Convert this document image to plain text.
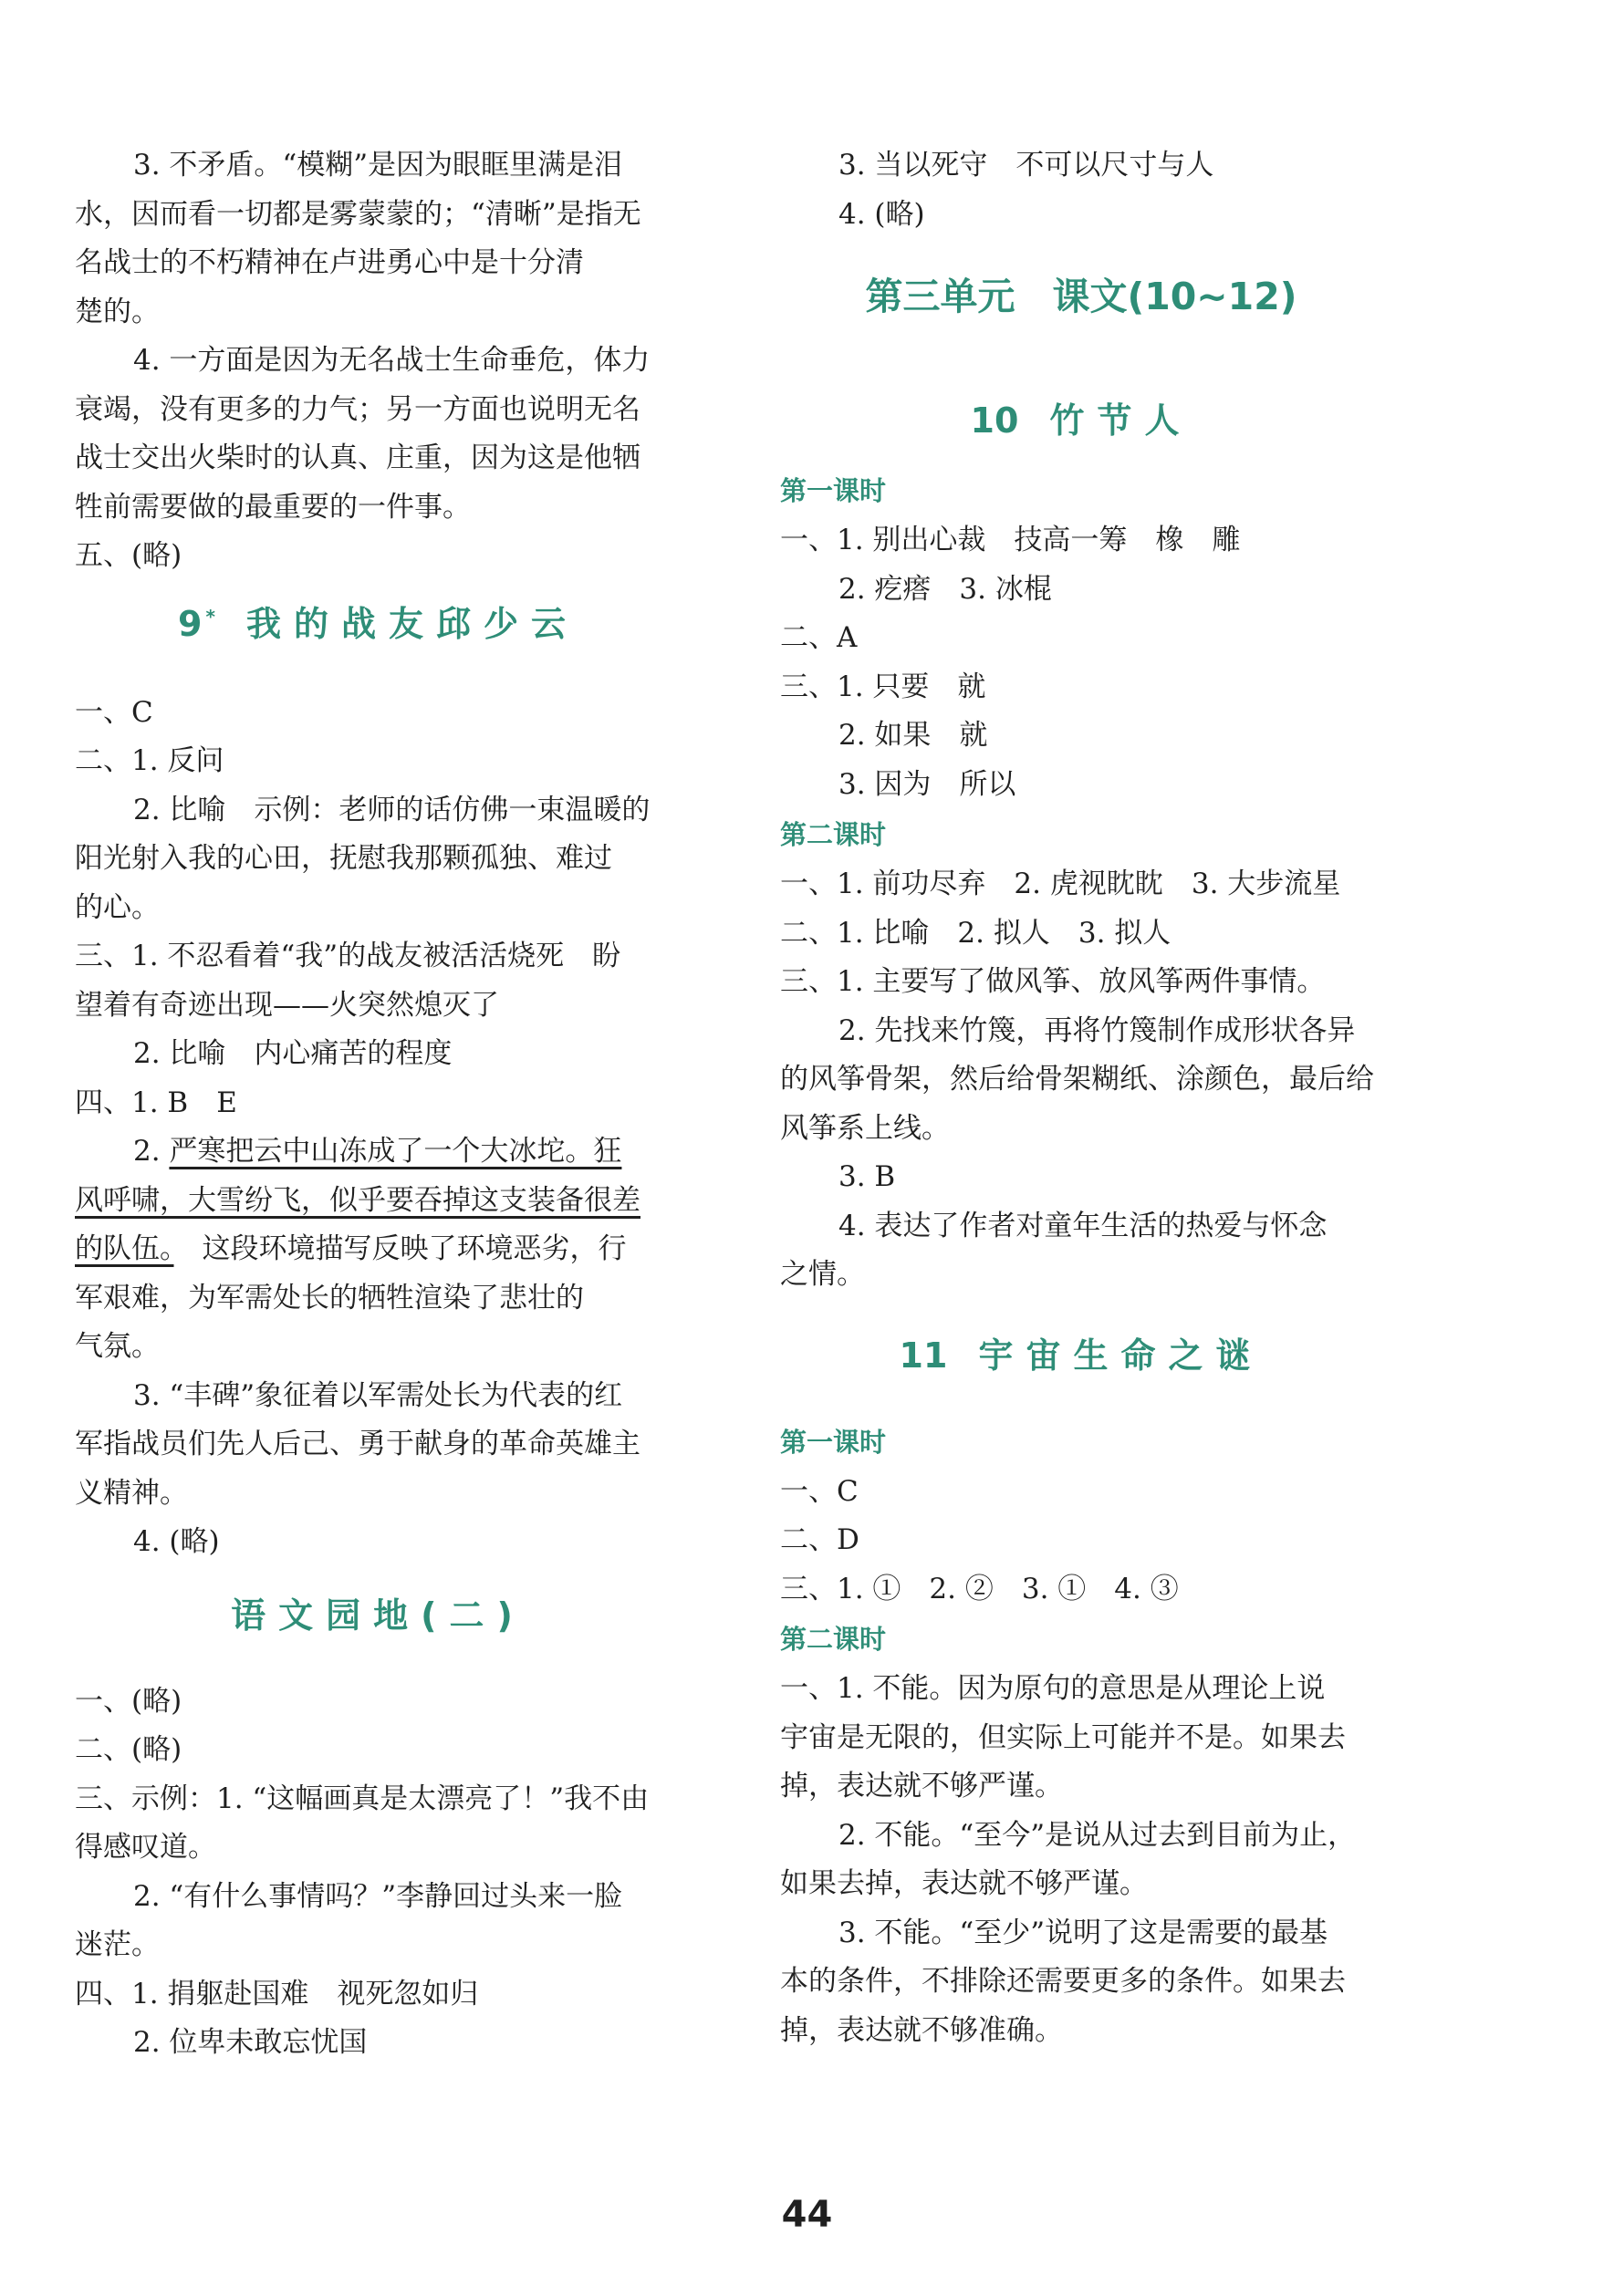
3. 不矛盾。“模糊”是因为眼眶里满是泪

水，因而看一切都是雾蒙蒙的；“清晰”是指无

名战士的不朽精神在卢进勇心中是十分清

楚的。

4. 一方面是因为无名战士生命垂危，体力

衰竭，没有更多的力气；另一方面也说明无名

战士交出火柴时的认真、庄重，因为这是他牺

牲前需要做的最重要的一件事。

五、(略)

9 * 我的战友邱少云

一、C

二、1. 反问

2. 比喻　示例：老师的话仿佛一束温暖的

阳光射入我的心田，抚慰我那颗孤独、难过

的心。

三、1. 不忍看着“我”的战友被活活烧死　盼

望着有奇迹出现——火突然熄灭了

2. 比喻　内心痛苦的程度

四、1. B　E

2. 严寒把云中山冻成了一个大冰坨。狂

风呼啸，大雪纷飞，似乎要吞掉这支装备很差

的队伍。　这段环境描写反映了环境恶劣，行

军艰难，为军需处长的牺牲渲染了悲壮的

气氛。

3. “丰碑”象征着以军需处长为代表的红

军指战员们先人后己、勇于献身的革命英雄主

义精神。

4. (略)

语文园地(二)

一、(略)

二、(略)

三、示例：1. “这幅画真是太漂亮了！”我不由

得感叹道。

2. “有什么事情吗？”李静回过头来一脸

迷茫。

四、1. 捐躯赴国难　视死忽如归

2. 位卑未敢忘忧国

3. 当以死守　不可以尺寸与人

4. (略)

第三单元　课文(10~12)

10 竹节人

第一课时

一、1. 别出心裁　技高一筹　橡　雕

2. 疙瘩　3. 冰棍

二、A

三、1. 只要　就

2. 如果　就

3. 因为　所以

第二课时

一、1. 前功尽弃　2. 虎视眈眈　3. 大步流星

二、1. 比喻　2. 拟人　3. 拟人

三、1. 主要写了做风筝、放风筝两件事情。

2. 先找来竹篾，再将竹篾制作成形状各异

的风筝骨架，然后给骨架糊纸、涂颜色，最后给

风筝系上线。

3. B

4. 表达了作者对童年生活的热爱与怀念

之情。

11 宇宙生命之谜

第一课时

一、C

二、D

三、1. ①　2. ②　3. ①　4. ③

第二课时

一、1. 不能。因为原句的意思是从理论上说

宇宙是无限的，但实际上可能并不是。如果去

掉，表达就不够严谨。

2. 不能。“至今”是说从过去到目前为止，

如果去掉，表达就不够严谨。

3. 不能。“至少”说明了这是需要的最基

本的条件，不排除还需要更多的条件。如果去

掉，表达就不够准确。

44
